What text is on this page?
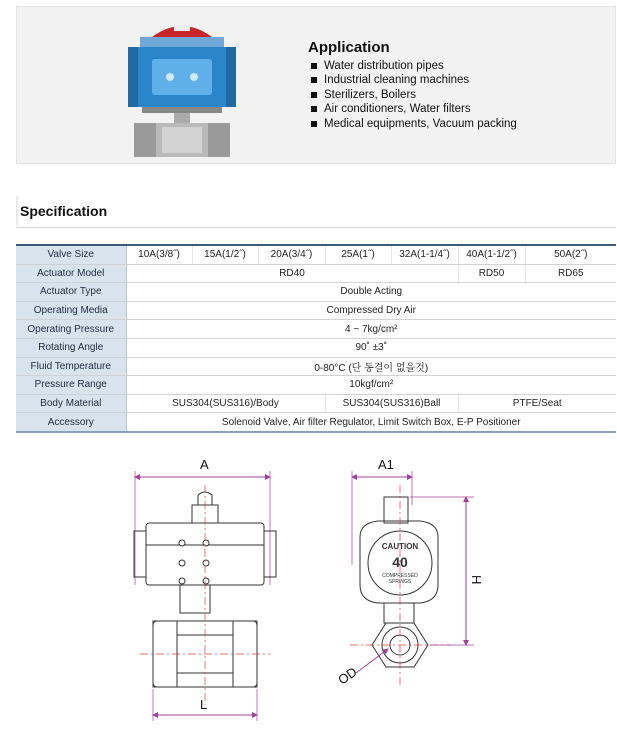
Application
Water distribution pipes
Industrial cleaning machines
Sterilizers, Boilers
Air conditioners, Water filters
Medical equipments, Vacuum packing
Specification
Valve Size	10A(3/8˝)	15A(1/2˝)	20A(3/4˝)	25A(1˝)	32A(1-1/4˝)	40A(1-1/2˝)	50A(2˝)
Actuator Model	RD40					RD50	RD65
Actuator Type	Double Acting						
Operating Media	Compressed Dry Air						
Operating Pressure	4 ~ 7kg/cm²						
Rotating Angle	90˚ ±3˚						
Fluid Temperature	0-80°C (단 동결이 없을것)						
Pressure Range	10kgf/cm²						
Body Material	SUS304(SUS316)/Body			SUS304(SUS316)Ball		PTFE/Seat	
Accessory	Solenoid Valve, Air filter Regulator, Limit Switch Box, E-P Positioner						
A
L
A1
H
OD
CAUTION
40
COMPRESSED
SPRINGS
